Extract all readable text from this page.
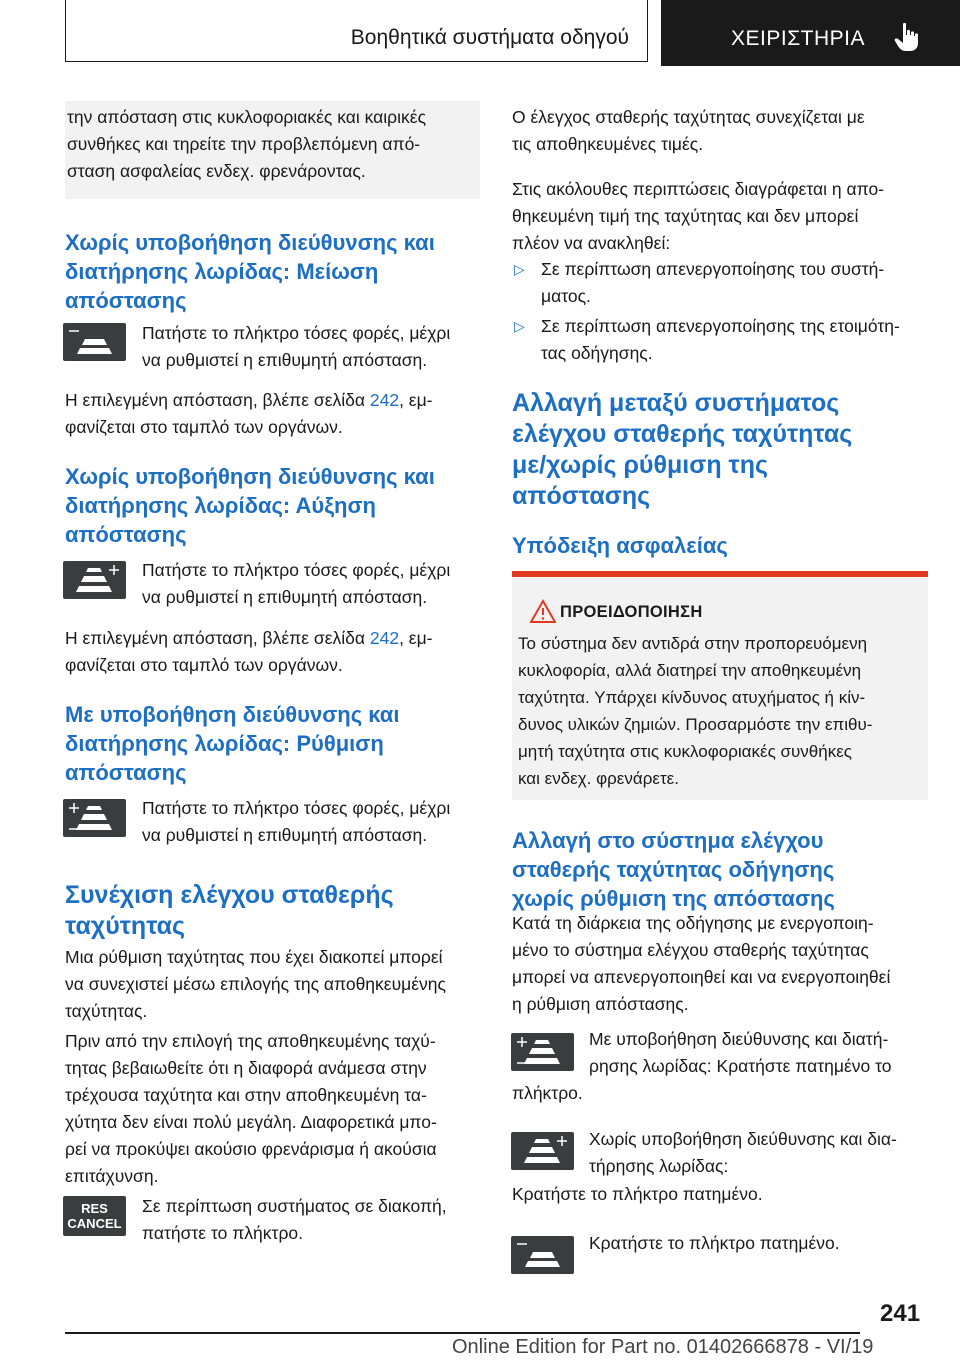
Βοηθητικά συστήματα οδηγού	ΧΕΙΡΙΣΤΗΡΙΑ

την απόσταση στις κυκλοφοριακές και καιρικές

συνθήκες και τηρείτε την προβλεπόμενη από-

σταση ασφαλείας ενδεχ. φρενάροντας.

Χωρίς υποβοήθηση διεύθυνσης και
διατήρησης λωρίδας: Μείωση
απόστασης

Πατήστε το πλήκτρο τόσες φορές, μέχρι

να ρυθμιστεί η επιθυμητή απόσταση.

Η επιλεγμένη απόσταση, βλέπε σελίδα 242, εμ-

φανίζεται στο ταμπλό των οργάνων.

Χωρίς υποβοήθηση διεύθυνσης και
διατήρησης λωρίδας: Αύξηση
απόστασης

Πατήστε το πλήκτρο τόσες φορές, μέχρι

να ρυθμιστεί η επιθυμητή απόσταση.

Η επιλεγμένη απόσταση, βλέπε σελίδα 242, εμ-

φανίζεται στο ταμπλό των οργάνων.

Με υποβοήθηση διεύθυνσης και
διατήρησης λωρίδας: Ρύθμιση
απόστασης

Πατήστε το πλήκτρο τόσες φορές, μέχρι

να ρυθμιστεί η επιθυμητή απόσταση.

Συνέχιση ελέγχου σταθερής
ταχύτητας

Μια ρύθμιση ταχύτητας που έχει διακοπεί μπορεί

να συνεχιστεί μέσω επιλογής της αποθηκευμένης

ταχύτητας.

Πριν από την επιλογή της αποθηκευμένης ταχύ-

τητας βεβαιωθείτε ότι η διαφορά ανάμεσα στην

τρέχουσα ταχύτητα και στην αποθηκευμένη τα-

χύτητα δεν είναι πολύ μεγάλη. Διαφορετικά μπο-

ρεί να προκύψει ακούσιο φρενάρισμα ή ακούσια

επιτάχυνση.

RES
CANCEL

Σε περίπτωση συστήματος σε διακοπή,

πατήστε το πλήκτρο.

Ο έλεγχος σταθερής ταχύτητας συνεχίζεται με

τις αποθηκευμένες τιμές.

Στις ακόλουθες περιπτώσεις διαγράφεται η απο-

θηκευμένη τιμή της ταχύτητας και δεν μπορεί

πλέον να ανακληθεί:

▷ Σε περίπτωση απενεργοποίησης του συστή-
ματος.
▷ Σε περίπτωση απενεργοποίησης της ετοιμότη-
τας οδήγησης.
Αλλαγή μεταξύ συστήματος
ελέγχου σταθερής ταχύτητας
με/χωρίς ρύθμιση της
απόστασης
Υπόδειξη ασφαλείας
ΠΡΟΕΙΔΟΠΟΙΗΣΗ

Το σύστημα δεν αντιδρά στην προπορευόμενη

κυκλοφορία, αλλά διατηρεί την αποθηκευμένη

ταχύτητα. Υπάρχει κίνδυνος ατυχήματος ή κίν-

δυνος υλικών ζημιών. Προσαρμόστε την επιθυ-

μητή ταχύτητα στις κυκλοφοριακές συνθήκες

και ενδεχ. φρενάρετε.

Αλλαγή στο σύστημα ελέγχου
σταθερής ταχύτητας οδήγησης
χωρίς ρύθμιση της απόστασης

Κατά τη διάρκεια της οδήγησης με ενεργοποιη-

μένο το σύστημα ελέγχου σταθερής ταχύτητας

μπορεί να απενεργοποιηθεί και να ενεργοποιηθεί

η ρύθμιση απόστασης.

Με υποβοήθηση διεύθυνσης και διατή-

ρησης λωρίδας: Κρατήστε πατημένο το

πλήκτρο.

Χωρίς υποβοήθηση διεύθυνσης και δια-

τήρησης λωρίδας:

Κρατήστε το πλήκτρο πατημένο.

Κρατήστε το πλήκτρο πατημένο.

241
Online Edition for Part no. 01402666878 - VI/19
